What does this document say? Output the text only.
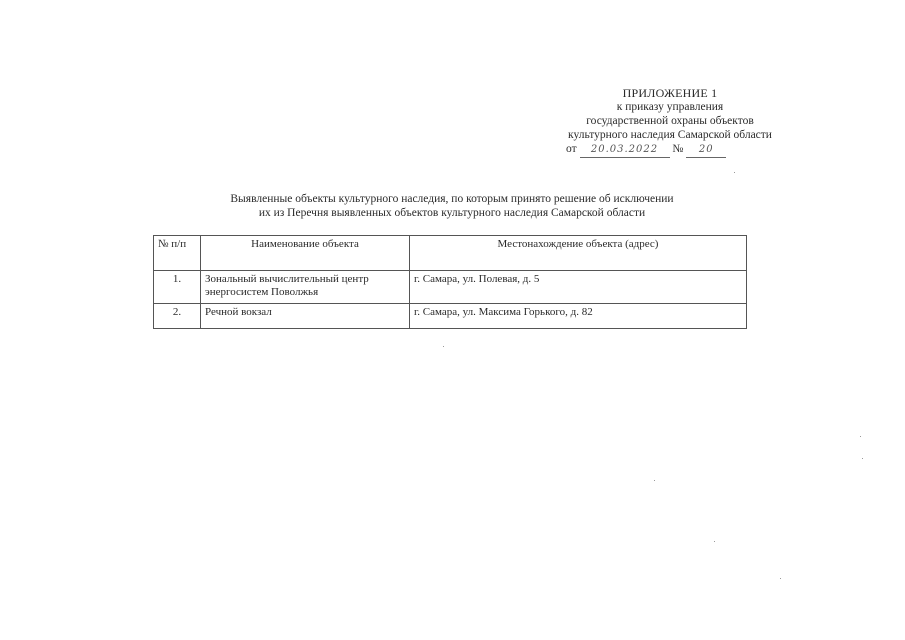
ПРИЛОЖЕНИЕ 1
к приказу управления
государственной охраны объектов
культурного наследия Самарской области
от 20.03.2022 № 20
Выявленные объекты культурного наследия, по которым принято решение об исключении
их из Перечня выявленных объектов культурного наследия Самарской области
№ п/п	Наименование объекта	Местонахождение объекта (адрес)
1.	Зональный вычислительный центр энергосистем Поволжья	г. Самара, ул. Полевая, д. 5
2.	Речной вокзал	г. Самара, ул. Максима Горького, д. 82
